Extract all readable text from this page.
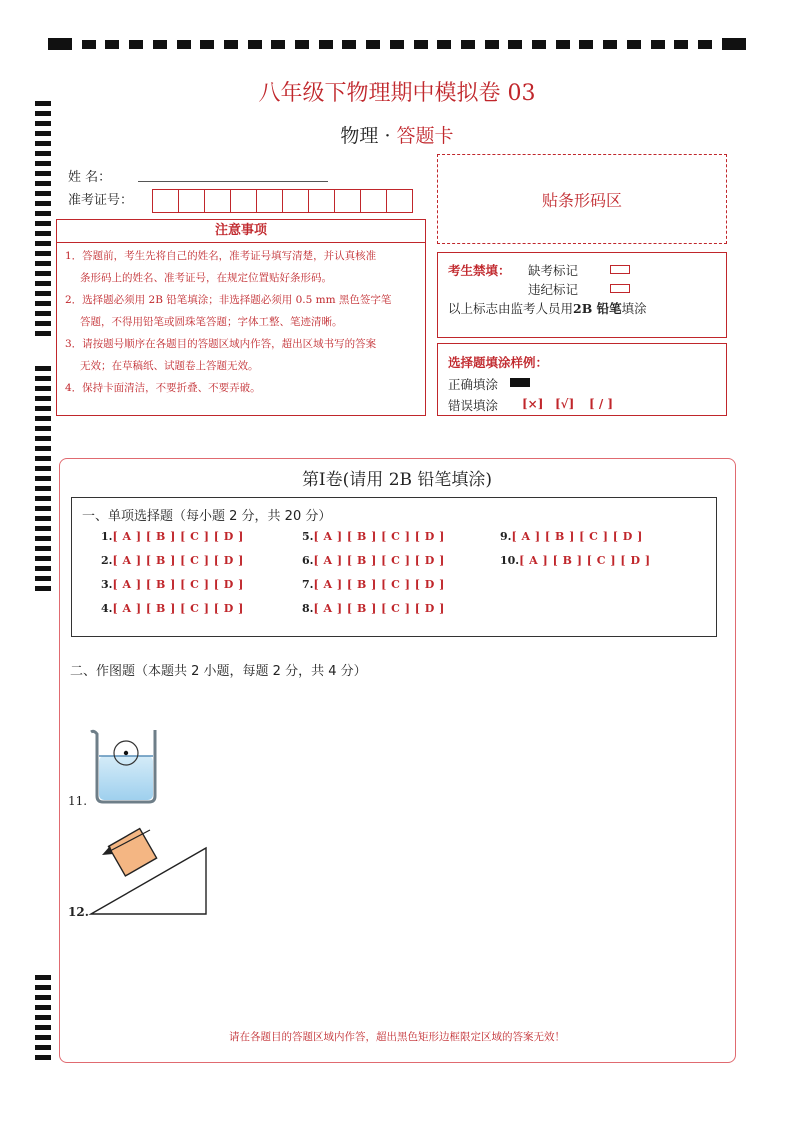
八年级下物理期中模拟卷 03
物理 · 答题卡
姓 名：
准考证号：	贴条形码区
注意事项
1．答题前，考生先将自己的姓名，准考证号填写清楚，并认真核准
条形码上的姓名、准考证号，在规定位置贴好条形码。
2．选择题必须用 2B 铅笔填涂；非选择题必须用 0.5 mm 黑色签字笔
答题，不得用铅笔或圆珠笔答题；字体工整、笔迹清晰。
3．请按题号顺序在各题目的答题区域内作答，超出区域书写的答案
无效；在草稿纸、试题卷上答题无效。
4．保持卡面清洁，不要折叠、不要弄破。
考生禁填： 缺考标记
违纪标记
以上标志由监考人员用2B 铅笔填涂
选择题填涂样例：
正确填涂
错误填涂 [×] [√] [ / ]
第Ⅰ卷(请用 2B 铅笔填涂)
一、单项选择题（每小题 2 分，共 20 分）
1.[ A ] [ B ] [ C ] [ D ]
2.[ A ] [ B ] [ C ] [ D ]
3.[ A ] [ B ] [ C ] [ D ]
4.[ A ] [ B ] [ C ] [ D ]
5.[ A ] [ B ] [ C ] [ D ]
6.[ A ] [ B ] [ C ] [ D ]
7.[ A ] [ B ] [ C ] [ D ]
8.[ A ] [ B ] [ C ] [ D ]
9.[ A ] [ B ] [ C ] [ D ]
10.[ A ] [ B ] [ C ] [ D ]
二、作图题（本题共 2 小题，每题 2 分，共 4 分）
11.
12.
请在各题目的答题区域内作答，超出黑色矩形边框限定区域的答案无效！
